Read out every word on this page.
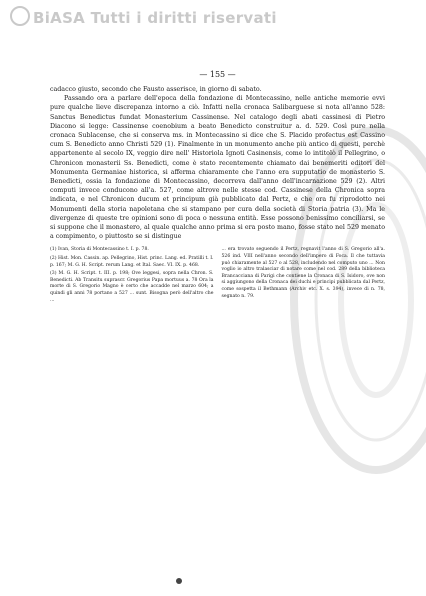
BiASA Tutti i diritti riservati
— 155 —

cadacco giusto, secondo che Fausto asserisce, in giorno di sabato.

Passando ora a parlare dell'epoca della fondazione di Montecassino, nelle antiche memorie evvi pure qualche lieve discrepanza intorno a ciò. Infatti nella cronaca Salibarguese si nota all'anno 528: Sanctus Benedictus fundat Monasterium Cassinense. Nel catalogo degli abati cassinesi di Pietro Diacono si legge: Cassinense coenobium a beato Benedicto construitur a. d. 529. Così pure nella cronaca Sublacense, che si conserva ms. in Montecassino si dice che S. Placido profectus est Cassino cum S. Benedicto anno Christi 529 (1). Finalmente in un monumento anche più antico di questi, perchè appartenente al secolo IX, veggio dire nell' Historiola Ignoti Casinensis, come lo intitolò il Pellegrino, o Chronicon monasterii Ss. Benedicti, come è stato recentemente chiamato dai benemeriti editori del Monumenta Germaniae historica, si afferma chiaramente che l'anno era supputatio de monasterio S. Benedicti, ossia la fondazione di Montecassino, decorreva dall'anno dell'incarnazione 529 (2). Altri computi invece conducono all'a. 527, come altrove nelle stesse cod. Cassinese della Chronica sopra indicata, e nel Chronicon ducum et principum già pubblicato dal Pertz, e che ora fu riprodotto nei Monumenti della storia napoletana che si stampano per cura della società di Storia patria (3). Ma le divergenze di queste tre opinioni sono di poca o nessuna entità. Esse possono benissimo conciliarsi, se si suppone che il monastero, al quale qualche anno prima si era posto mano, fosse stato nel 529 menato a compimento, o piuttosto se si distingue

(1) Ivan, Storia di Montecassino t. I. p. 78.

(2) Hist. Mon. Cassin. ap. Pellegrino, Hist. princ. Lang. ed. Pratilli t. I. p. 167; M. G. H. Script. rerum Lang. et Ital. Saec. VI. IX. p. 468.

(3) M. G. H. Script. t. III. p. 198; Ove leggesi, sopra nella Chron. S. Benedicti. Ab Transitu suprascr. Gregorius Papa mortuus a. 78 Ora la morte di S. Gregorio Magno è certo che accadde nel marzo 604; a quindi gli anni 78 portano a 527 ... sunt. Bisogna però dell'altro che ...

... era trovato seguendo il Pertz, regnavit l'anno di S. Gregorio all'a. 526 ind. VIII nell'anno secondo dell'impero di Foca. Il che tuttavia può chiaramente al 527 o al 528, includendo nel computo uno ... Non voglio io altro tralasciar di notare come nel cod. 289 della biblioteca Brancacciana di Parigi che contiene la Cronaca di S. Isidoro, ove non si aggiungono della Cronaca dei duchi e principi pubblicata dal Pertz, come sospetta il Bethmann (Archiv etc. X. s. 394), invece di n. 78, segnato n. 79.
